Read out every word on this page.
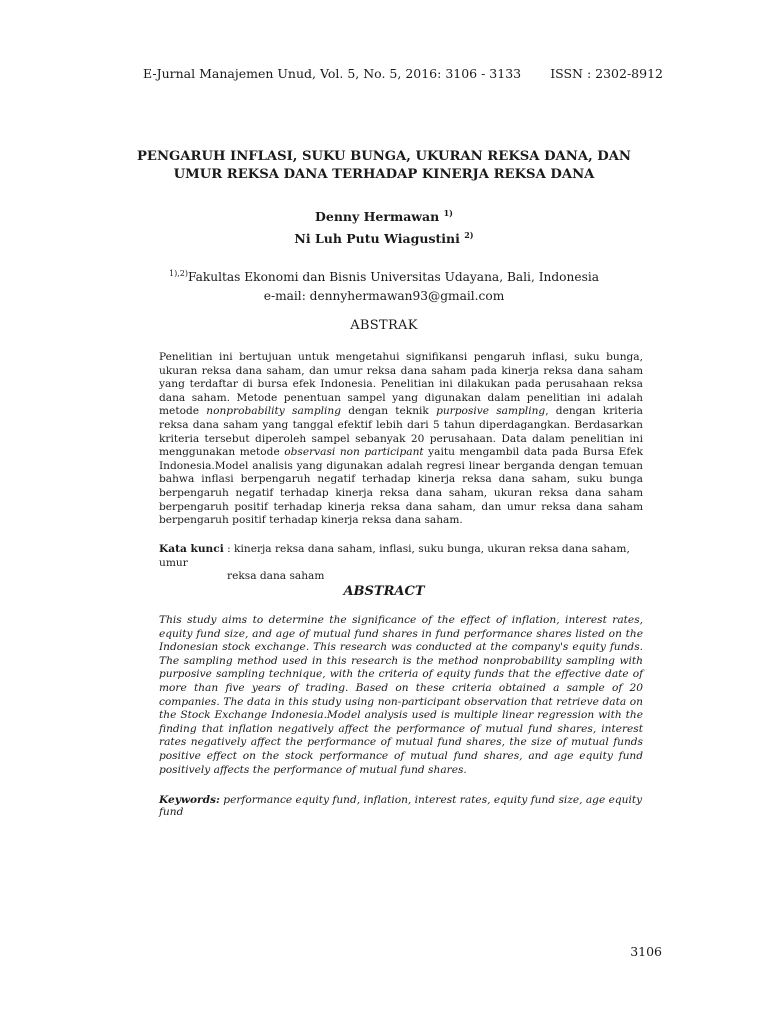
E-Jurnal Manajemen Unud, Vol. 5, No. 5, 2016: 3106 - 3133 ISSN : 2302-8912
PENGARUH INFLASI, SUKU BUNGA, UKURAN REKSA DANA, DAN
UMUR REKSA DANA TERHADAP KINERJA REKSA DANA
Denny Hermawan $^{1)}$
Ni Luh Putu Wiagustini $^{2)}$
$^{1),2)}$Fakultas Ekonomi dan Bisnis Universitas Udayana, Bali, Indonesia
e-mail: dennyhermawan93@gmail.com
ABSTRAK
Penelitian ini bertujuan untuk mengetahui signifikansi pengaruh inflasi, suku bunga, ukuran reksa dana saham, dan umur reksa dana saham pada kinerja reksa dana saham yang terdaftar di bursa efek Indonesia. Penelitian ini dilakukan pada perusahaan reksa dana saham. Metode penentuan sampel yang digunakan dalam penelitian ini adalah metode nonprobability sampling dengan teknik purposive sampling, dengan kriteria reksa dana saham yang tanggal efektif lebih dari 5 tahun diperdagangkan. Berdasarkan kriteria tersebut diperoleh sampel sebanyak 20 perusahaan. Data dalam penelitian ini menggunakan metode observasi non participant yaitu mengambil data pada Bursa Efek Indonesia.Model analisis yang digunakan adalah regresi linear berganda dengan temuan bahwa inflasi berpengaruh negatif terhadap kinerja reksa dana saham, suku bunga berpengaruh negatif terhadap kinerja reksa dana saham, ukuran reksa dana saham berpengaruh positif terhadap kinerja reksa dana saham, dan umur reksa dana saham berpengaruh positif terhadap kinerja reksa dana saham.
Kata kunci : kinerja reksa dana saham, inflasi, suku bunga, ukuran reksa dana saham, umur
reksa dana saham
ABSTRACT
This study aims to determine the significance of the effect of inflation, interest rates, equity fund size, and age of mutual fund shares in fund performance shares listed on the Indonesian stock exchange. This research was conducted at the company's equity funds. The sampling method used in this research is the method nonprobability sampling with purposive sampling technique, with the criteria of equity funds that the effective date of more than five years of trading. Based on these criteria obtained a sample of 20 companies. The data in this study using non-participant observation that retrieve data on the Stock Exchange Indonesia.Model analysis used is multiple linear regression with the finding that inflation negatively affect the performance of mutual fund shares, interest rates negatively affect the performance of mutual fund shares, the size of mutual funds positive effect on the stock performance of mutual fund shares, and age equity fund positively affects the performance of mutual fund shares.
Keywords: performance equity fund, inflation, interest rates, equity fund size, age equity fund
3106
